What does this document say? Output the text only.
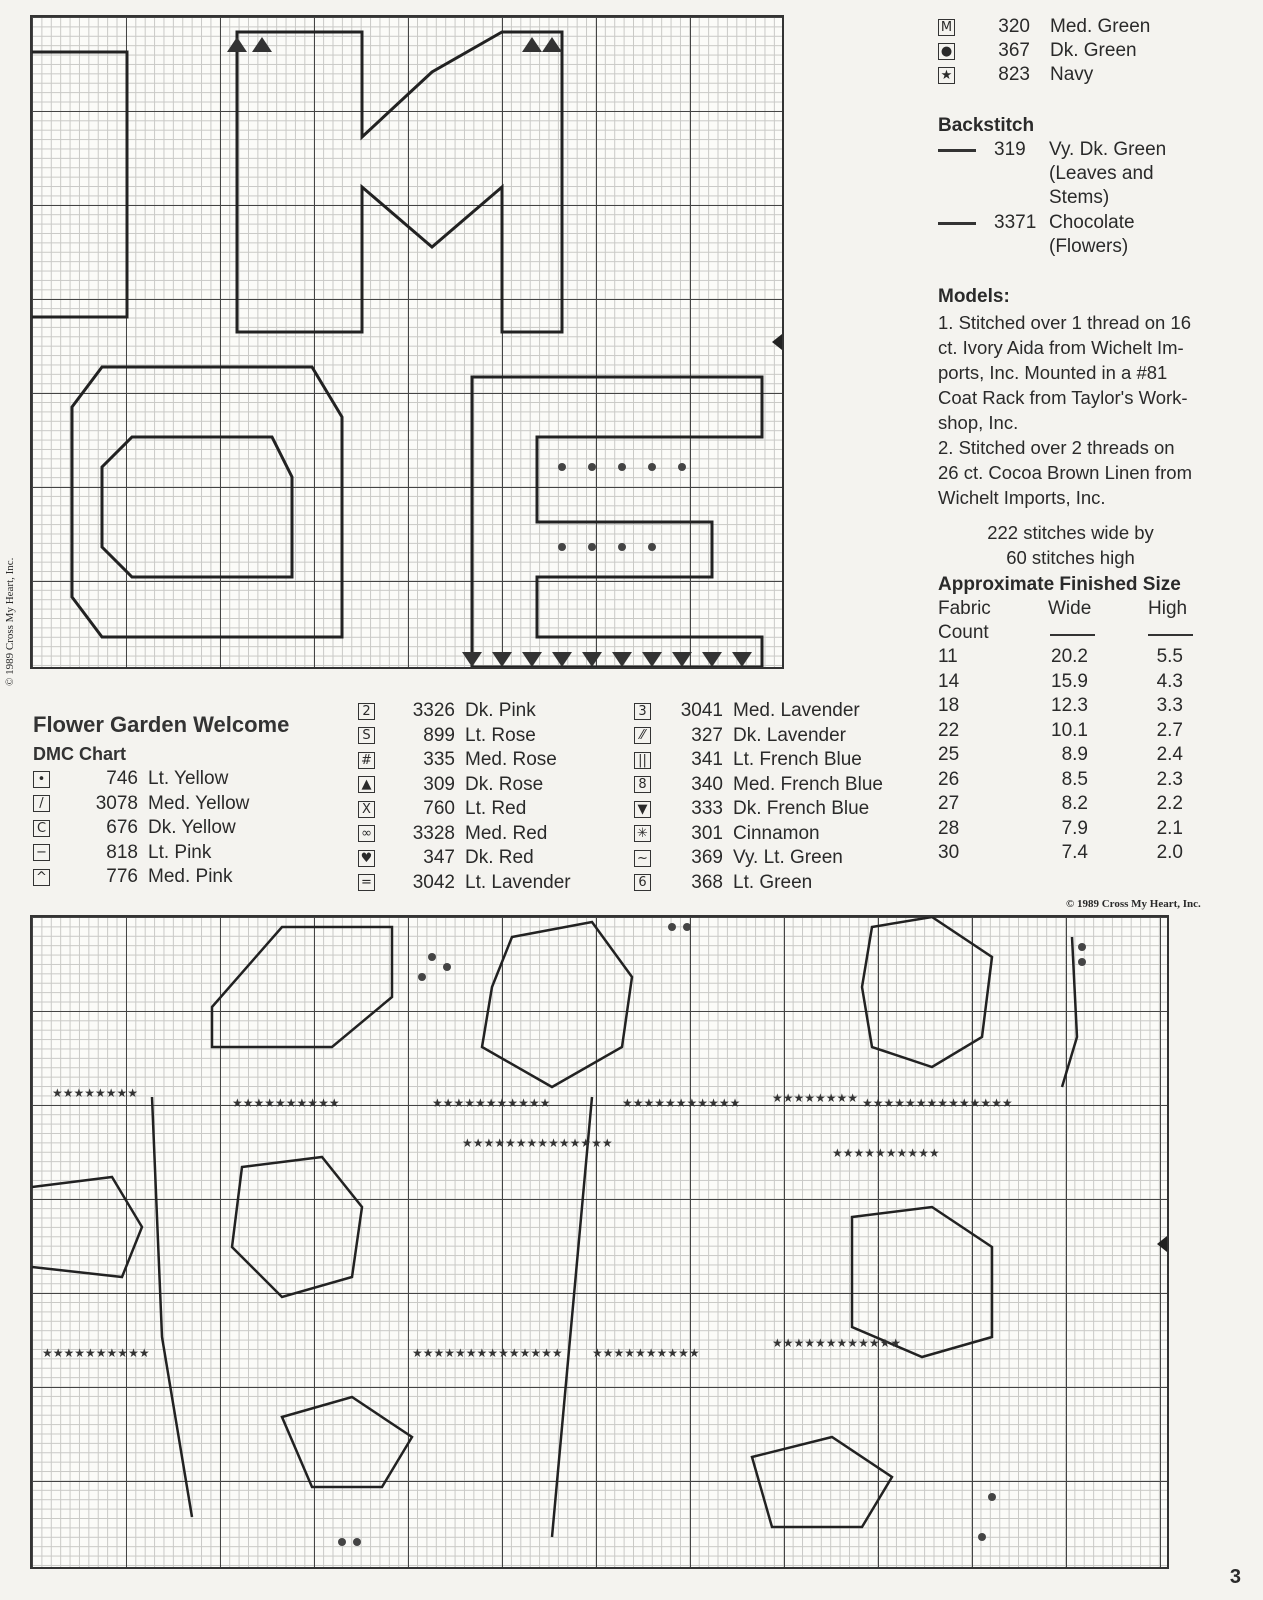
© 1989 Cross My Heart, Inc.
M	320 Med. Green
●	367 Dk. Green
★	823 Navy
Backstitch
319	Vy. Dk. Green
(Leaves and
Stems)
3371 Chocolate
(Flowers)
Models:
1. Stitched over 1 thread on 16
ct. Ivory Aida from Wichelt Im-
ports, Inc. Mounted in a #81
Coat Rack from Taylor's Work-
shop, Inc.
2. Stitched over 2 threads on
26 ct. Cocoa Brown Linen from
Wichelt Imports, Inc.
222 stitches wide by
60 stitches high
Approximate Finished Size
Fabric	Wide	High
Count
11	20.2	5.5
14	15.9	4.3
18	12.3	3.3
22	10.1	2.7
25	8.9	2.4
26	8.5	2.3
27	8.2	2.2
28	7.9	2.1
30	7.4	2.0
© 1989 Cross My Heart, Inc.
Flower Garden Welcome
DMC Chart
•	746 Lt. Yellow
/	3078 Med. Yellow
C	676 Dk. Yellow
−	818 Lt. Pink
^	776 Med. Pink
2	3326 Dk. Pink
S	899 Lt. Rose
#	335 Med. Rose
▲	309 Dk. Rose
X	760 Lt. Red
∞	3328 Med. Red
♥	347 Dk. Red
=	3042 Lt. Lavender
3	3041 Med. Lavender
⁄⁄	327 Dk. Lavender
||	341 Lt. French Blue
8	340 Med. French Blue
▼	333 Dk. French Blue
✳	301 Cinnamon
~	369 Vy. Lt. Green
6	368 Lt. Green
★★★★★★★★
★★★★★★★★★★	★★★★★★★★★★★	★★★★★★★★★★★	★★★★★★★★ ★★★★★★★★★★★★★★
★★★★★★★★★★	★★★★★★★★★★★★★★ ★★★★★★★★★★
★★★★★★★★★★★★
★★★★★★★★★★★★★★
★★★★★★★★★★
3
